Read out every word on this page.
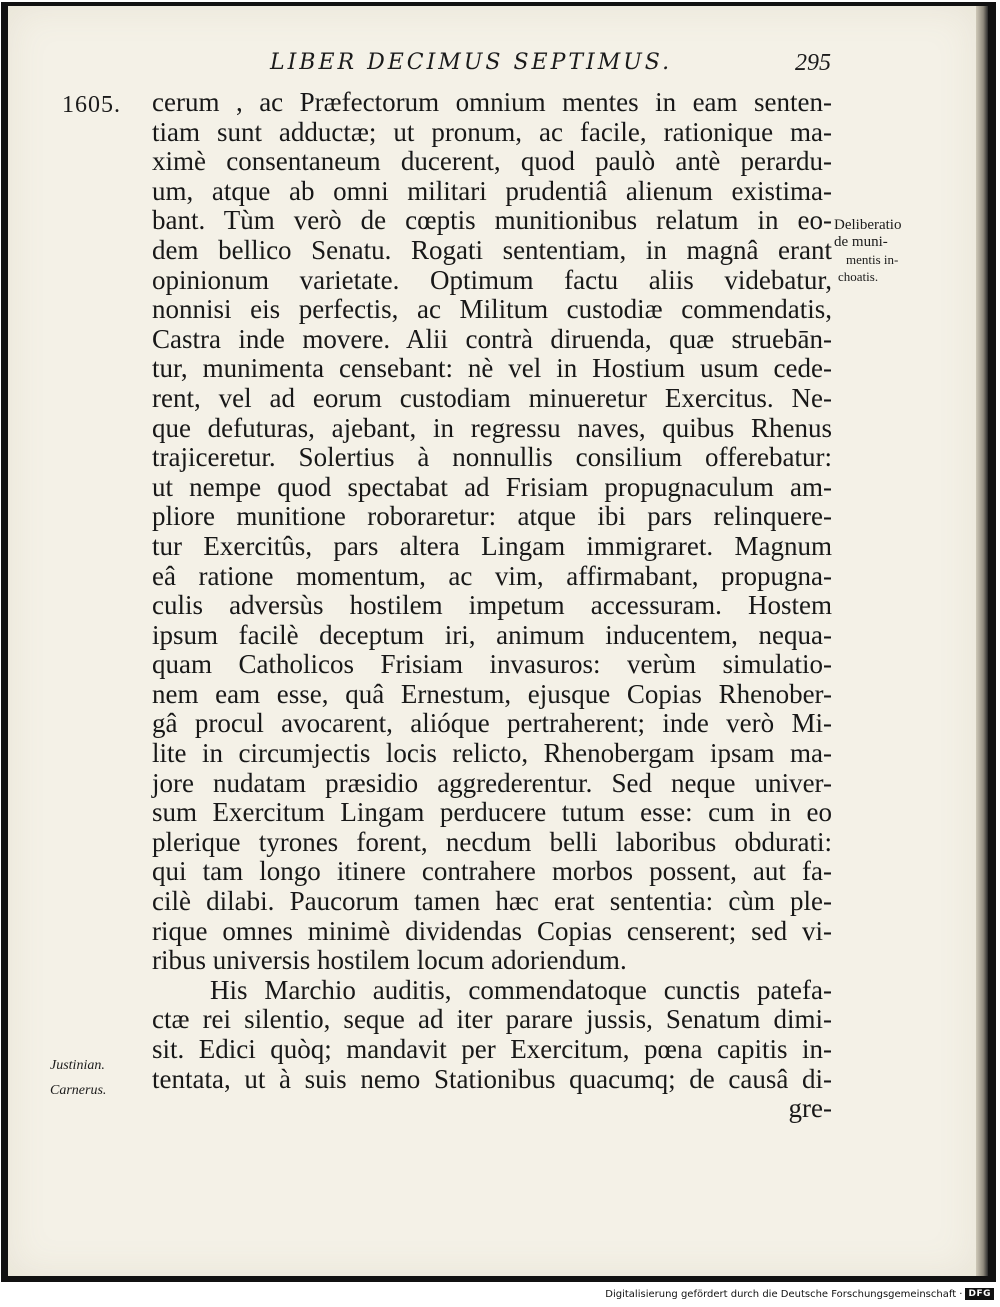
LIBER DECIMUS SEPTIMUS.	295
1605. cerum , ac Præfectorum omnium mentes in eam senten-
tiam sunt adductæ; ut pronum, ac facile, rationique ma-
ximè consentaneum ducerent, quod paulò antè perardu-
um, atque ab omni militari prudentiâ alienum existima-
bant. Tùm verò de cœptis munitionibus relatum in eo-
dem bellico Senatu. Rogati sententiam, in magnâ erant
opinionum varietate. Optimum factu aliis videbatur,
nonnisi eis perfectis, ac Militum custodiæ commendatis,
Castra inde movere. Alii contrà diruenda, quæ struebān-
tur, munimenta censebant: nè vel in Hostium usum cede-
rent, vel ad eorum custodiam minueretur Exercitus. Ne-
que defuturas, ajebant, in regressu naves, quibus Rhenus
trajiceretur. Solertius à nonnullis consilium offerebatur:
ut nempe quod spectabat ad Frisiam propugnaculum am-
pliore munitione roboraretur: atque ibi pars relinquere-
tur Exercitûs, pars altera Lingam immigraret. Magnum
eâ ratione momentum, ac vim, affirmabant, propugna-
culis adversùs hostilem impetum accessuram. Hostem
ipsum facilè deceptum iri, animum inducentem, nequa-
quam Catholicos Frisiam invasuros: verùm simulatio-
nem eam esse, quâ Ernestum, ejusque Copias Rhenober-
gâ procul avocarent, alióque pertraherent; inde verò Mi-
lite in circumjectis locis relicto, Rhenobergam ipsam ma-
jore nudatam præsidio aggrederentur. Sed neque univer-
sum Exercitum Lingam perducere tutum esse: cum in eo
plerique tyrones forent, necdum belli laboribus obdurati:
qui tam longo itinere contrahere morbos possent, aut fa-
cilè dilabi. Paucorum tamen hæc erat sententia: cùm ple-
rique omnes minimè dividendas Copias censerent; sed vi-
ribus universis hostilem locum adoriendum.
His Marchio auditis, commendatoque cunctis patefa-
ctæ rei silentio, seque ad iter parare jussis, Senatum dimi-
sit. Edici quòq; mandavit per Exercitum, pœna capitis in-
tentata, ut à suis nemo Stationibus quacumq; de causâ di-
gre-
Deliberatio
de muni-
mentis in-
choatis.
Justinian.
Carnerus.
Digitalisierung gefördert durch die Deutsche Forschungsgemeinschaft · DFG
